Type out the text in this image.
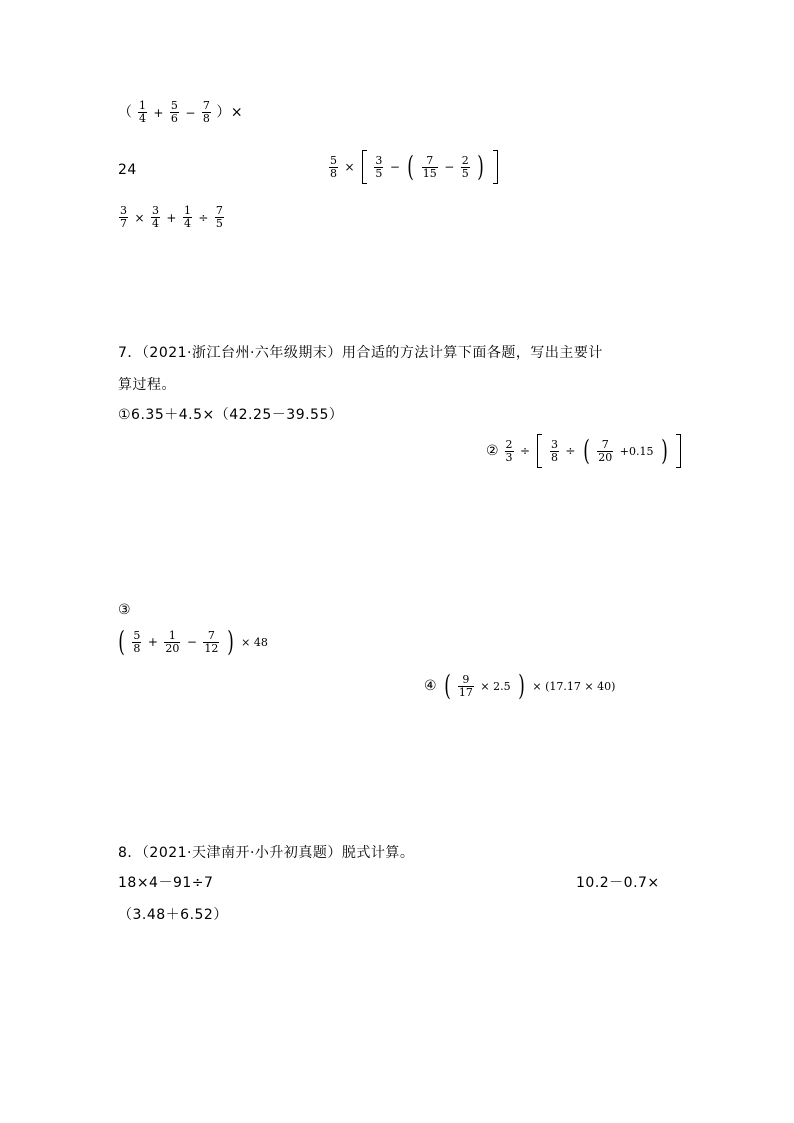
（ $\frac{1}{4} + \frac{5}{6} - \frac{7}{8}$ ）×
24	$\frac{5}{8} \times \frac{3}{5}$ − ( $\frac{7}{15} - \frac{2}{5}$ )
$\frac{3}{7} \times \frac{3}{4} + \frac{1}{4} \div \frac{7}{5}$
7．（2021·浙江台州·六年级期末）用合适的方法计算下面各题，写出主要计
算过程。
①6.35＋4.5×（42.25－39.55）
② $\frac{2}{3} \div \frac{3}{8}$ ÷ ( $\frac{7}{20} +0.15$ )
③
( $\frac{5}{8} + \frac{1}{20} - \frac{7}{12}$ ) × 48
④ ( $\frac{9}{17} \times 2.5$ ) × (17.17 × 40)
8．（2021·天津南开·小升初真题）脱式计算。
18×4－91÷7	10.2－0.7×
（3.48＋6.52）
